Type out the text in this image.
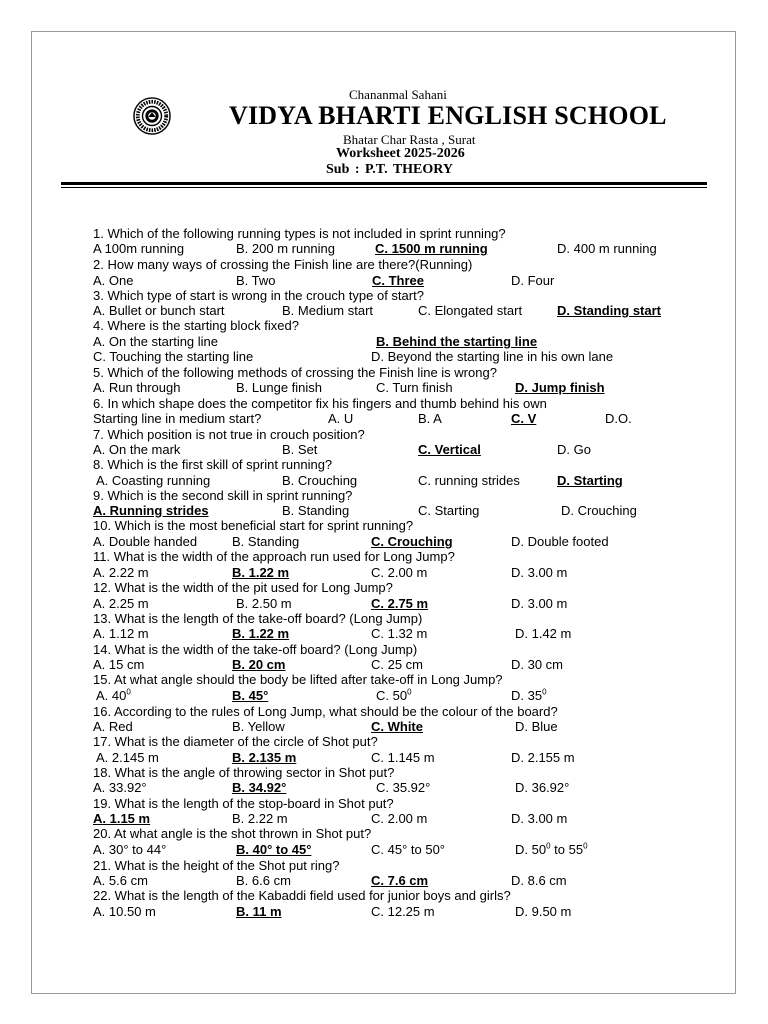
Chananmal Sahani
VIDYA BHARTI ENGLISH SCHOOL
Bhatar Char Rasta , Surat
Worksheet 2025-2026
Sub : P.T. THEORY
1. Which of the following running types is not included in sprint running?
A 100m running	B. 200 m running	C. 1500 m running	D. 400 m running
2. How many ways of crossing the Finish line are there?(Running)
A. One	B. Two	C. Three	D. Four
3. Which type of start is wrong in the crouch type of start?
A. Bullet or bunch start	B. Medium start	C. Elongated start	D. Standing start
4. Where is the starting block fixed?
A. On the starting line	B. Behind the starting line
C. Touching the starting line	D. Beyond the starting line in his own lane
5. Which of the following methods of crossing the Finish line is wrong?
A. Run through	B. Lunge finish	C. Turn finish	D. Jump finish
6. In which shape does the competitor fix his fingers and thumb behind his own
Starting line in medium start?	A. U	B. A	C. V	D.O.
7. Which position is not true in crouch position?
A. On the mark	B. Set	C. Vertical	D. Go
8. Which is the first skill of sprint running?
A. Coasting running	B. Crouching	C. running strides	D. Starting
9. Which is the second skill in sprint running?
A. Running strides	B. Standing	C. Starting	D. Crouching
10. Which is the most beneficial start for sprint running?
A. Double handed	B. Standing	C. Crouching	D. Double footed
11. What is the width of the approach run used for Long Jump?
A. 2.22 m	B. 1.22 m	C. 2.00 m	D. 3.00 m
12. What is the width of the pit used for Long Jump?
A. 2.25 m	B. 2.50 m	C. 2.75 m	D. 3.00 m
13. What is the length of the take-off board? (Long Jump)
A. 1.12 m	B. 1.22 m	C. 1.32 m	D. 1.42 m
14. What is the width of the take-off board? (Long Jump)
A. 15 cm	B. 20 cm	C. 25 cm	D. 30 cm
15. At what angle should the body be lifted after take-off in Long Jump?
A. $40^0$	B. 45°	C. $50^0$	D. $35^0$
16. According to the rules of Long Jump, what should be the colour of the board?
A. Red	B. Yellow	C. White	D. Blue
17. What is the diameter of the circle of Shot put?
A. 2.145 m	B. 2.135 m	C. 1.145 m	D. 2.155 m
18. What is the angle of throwing sector in Shot put?
A. 33.92°	B. 34.92°	C. 35.92°	D. 36.92°
19. What is the length of the stop-board in Shot put?
A. 1.15 m	B. 2.22 m	C. 2.00 m	D. 3.00 m
20. At what angle is the shot thrown in Shot put?
A. 30° to 44°	B. 40° to 45°	C. 45° to 50°	D. $50^0$ to $55^0$
21. What is the height of the Shot put ring?
A. 5.6 cm	B. 6.6 cm	C. 7.6 cm	D. 8.6 cm
22. What is the length of the Kabaddi field used for junior boys and girls?
A. 10.50 m	B. 11 m	C. 12.25 m	D. 9.50 m
